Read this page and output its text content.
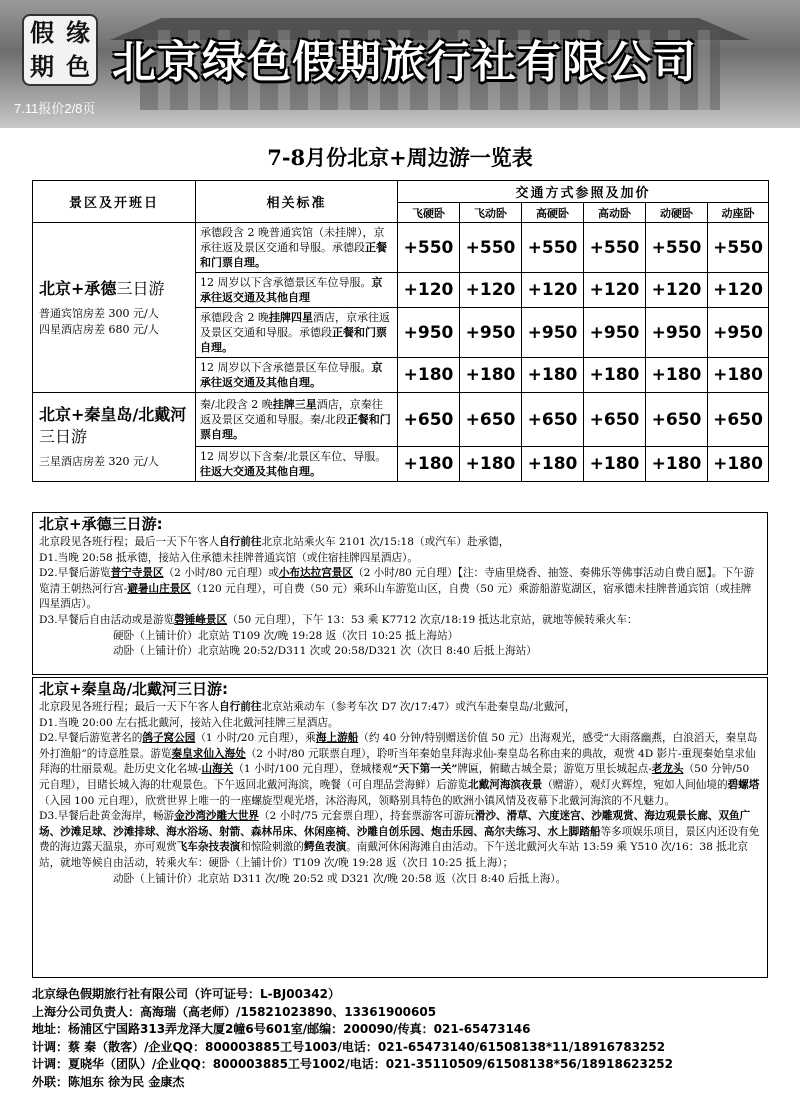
假 缘
期 色 北京绿色假期旅行社有限公司
7.11报价2/8页
7-8月份北京+周边游一览表
景区及开班日	相关标准	交通方式参照及加价					
		飞硬卧	飞动卧	高硬卧	高动卧	动硬卧	动座卧

北京+承德三日游
普通宾馆房差 300 元/人
四星酒店房差 680 元/人	承德段含 2 晚普通宾馆（未挂牌），京承往返及景区交通和导服。承德段正餐和门票自理。	+550	+550	+550	+550	+550	+550
	12 周岁以下含承德景区车位导服。京承往返交通及其他自理	+120	+120	+120	+120	+120	+120
	承德段含 2 晚挂牌四星酒店，京承往返及景区交通和导服。承德段正餐和门票自理。	+950	+950	+950	+950	+950	+950
	12 周岁以下含承德景区车位导服。京承往返交通及其他自理。	+180	+180	+180	+180	+180	+180

北京+秦皇岛/北戴河三日游
三星酒店房差 320 元/人	秦/北段含 2 晚挂牌三星酒店，京秦往返及景区交通和导服。秦/北段正餐和门票自理。	+650	+650	+650	+650	+650	+650
	12 周岁以下含秦/北景区车位、导服。往返大交通及其他自理。	+180	+180	+180	+180	+180	+180
北京+承德三日游:

北京段见各班行程；最后一天下午客人自行前往北京北站乘火车 2101 次/15:18（或汽车）赴承德，

D1.当晚 20:58 抵承德，接站入住承德未挂牌普通宾馆（或住宿挂牌四星酒店）。

D2.早餐后游览普宁寺景区（2 小时/80 元自理）或小布达拉宫景区（2 小时/80 元自理）【注：寺庙里烧香、抽签、奏佛乐等佛事活动自费自愿】。下午游览清王朝热河行宫-避暑山庄景区（120 元自理），可自费（50 元）乘环山车游览山区，自费（50 元）乘游船游览湖区，宿承德未挂牌普通宾馆（或挂牌四星酒店）。

D3.早餐后自由活动或是游览磬锤峰景区（50 元自理），下午 13：53 乘 K7712 次京/18:19 抵达北京站，就地等候转乘火车：

硬卧（上铺计价）北京站 T109 次/晚 19:28 返（次日 10:25 抵上海站）

动卧（上铺计价）北京站晚 20:52/D311 次或 20:58/D321 次（次日 8:40 后抵上海站）

北京+秦皇岛/北戴河三日游:

北京段见各班行程；最后一天下午客人自行前往北京站乘动车（参考车次 D7 次/17:47）或汽车赴秦皇岛/北戴河，

D1.当晚 20:00 左右抵北戴河，接站入住北戴河挂牌三星酒店。

D2.早餐后游览著名的鸽子窝公园（1 小时/20 元自理），乘海上游船（约 40 分钟/特别赠送价值 50 元）出海观光，感受“大雨落幽燕，白浪滔天，秦皇岛外打渔船”的诗意胜景。游览秦皇求仙入海处（2 小时/80 元联票自理），聆听当年秦始皇拜海求仙-秦皇岛名称由来的典故，观赏 4D 影片-重现秦始皇求仙拜海的壮丽景观。赴历史文化名城-山海关（1 小时/100 元自理），登城楼观“天下第一关”牌匾，俯瞰古城全景；游览万里长城起点-老龙头（50 分钟/50 元自理），目睹长城入海的壮观景色。下午返回北戴河海滨，晚餐（可自理品尝海鲜）后游览北戴河海滨夜景（赠游），观灯火辉煌，宛如人间仙境的碧螺塔（入园 100 元自理），欣赏世界上唯一的一座螺旋型观光塔，沐浴海风，领略别具特色的欧洲小镇风情及夜幕下北戴河海滨的不凡魅力。

D3.早餐后赴黄金海岸，畅游金沙湾沙雕大世界（2 小时/75 元套票自理），持套票游客可游玩滑沙、滑草、六度迷宫、沙雕观赏、海边观景长廊、双鱼广场、沙滩足球、沙滩排球、海水浴场、射箭、森林吊床、休闲座椅、沙雕自创乐园、炮击乐园、高尔夫练习、水上脚踏船等多项娱乐项目，景区内还设有免费的海边露天温泉，亦可观赏飞车杂技表演和惊险刺激的鳄鱼表演。南戴河休闲海滩自由活动。下午送北戴河火车站 13:59 乘 Y510 次/16：38 抵北京站，就地等候自由活动，转乘火车：硬卧（上铺计价）T109 次/晚 19:28 返（次日 10:25 抵上海）；

动卧（上铺计价）北京站 D311 次/晚 20:52 或 D321 次/晚 20:58 返（次日 8:40 后抵上海）。

北京绿色假期旅行社有限公司（许可证号：L-BJ00342）

上海分公司负责人：高海瑞（高老师）/15821023890、13361900605

地址：杨浦区宁国路313弄龙泽大厦2幢6号601室/邮编：200090/传真：021-65473146

计调：蔡 秦（散客）/企业QQ：800003885工号1003/电话：021-65473140/61508138*11/18916783252

计调：夏晓华（团队）/企业QQ：800003885工号1002/电话：021-35110509/61508138*56/18918623252

外联：陈旭东 徐为民 金康杰
